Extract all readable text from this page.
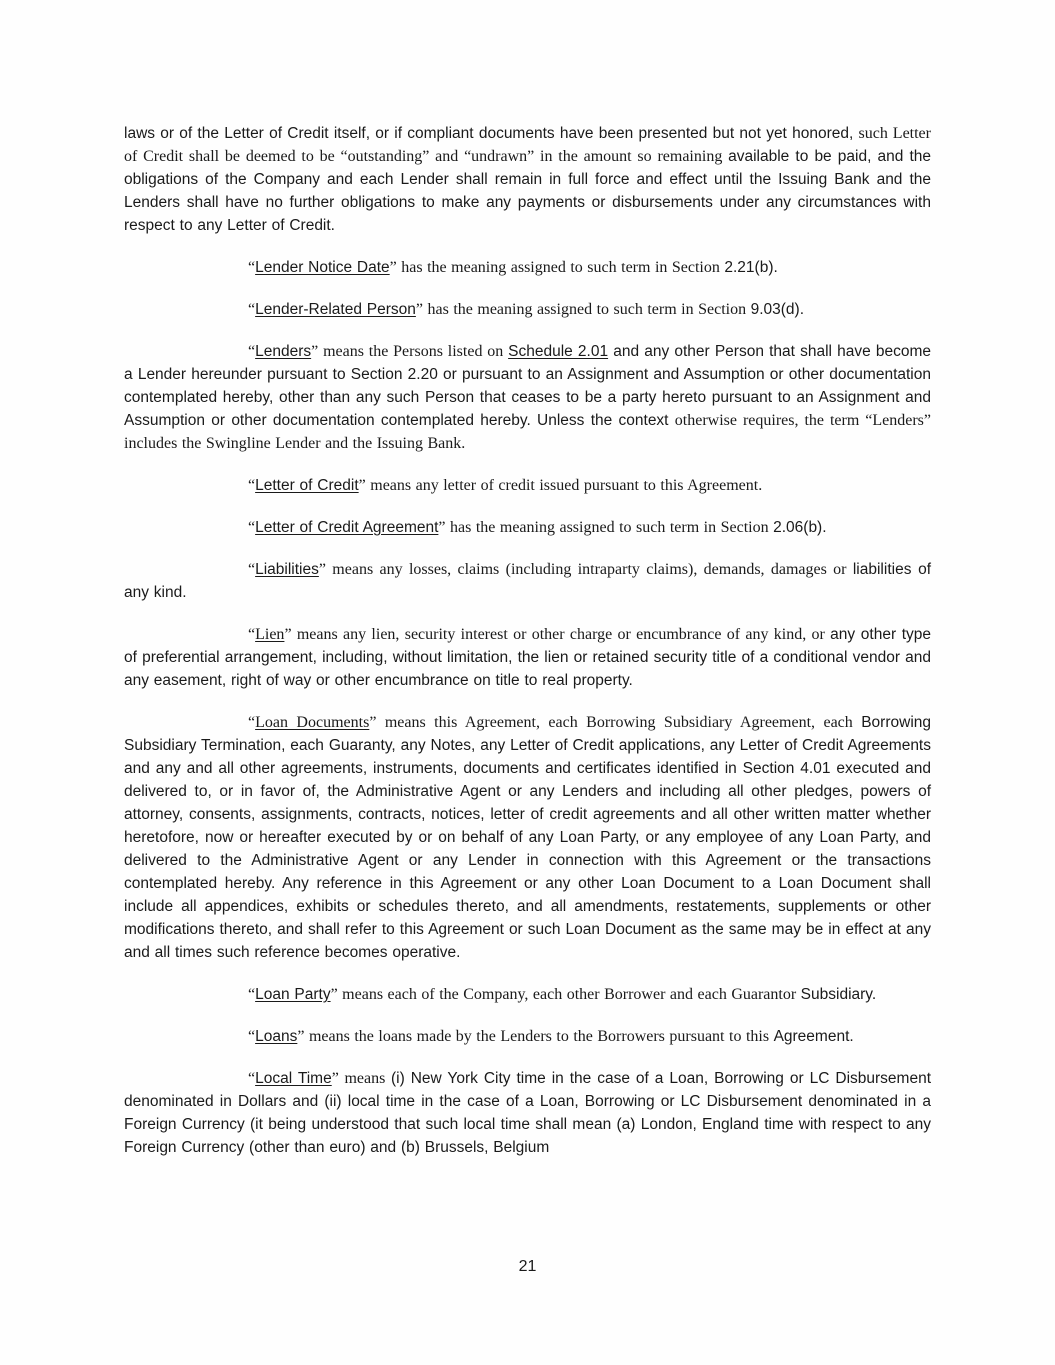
laws or of the Letter of Credit itself, or if compliant documents have been presented but not yet honored, such Letter of Credit shall be deemed to be “outstanding” and “undrawn” in the amount so remaining available to be paid, and the obligations of the Company and each Lender shall remain in full force and effect until the Issuing Bank and the Lenders shall have no further obligations to make any payments or disbursements under any circumstances with respect to any Letter of Credit.

“Lender Notice Date” has the meaning assigned to such term in Section 2.21(b).

“Lender-Related Person” has the meaning assigned to such term in Section 9.03(d).

“Lenders” means the Persons listed on Schedule 2.01 and any other Person that shall have become a Lender hereunder pursuant to Section 2.20 or pursuant to an Assignment and Assumption or other documentation contemplated hereby, other than any such Person that ceases to be a party hereto pursuant to an Assignment and Assumption or other documentation contemplated hereby. Unless the context otherwise requires, the term “Lenders” includes the Swingline Lender and the Issuing Bank.

“Letter of Credit” means any letter of credit issued pursuant to this Agreement.

“Letter of Credit Agreement” has the meaning assigned to such term in Section 2.06(b).

“Liabilities” means any losses, claims (including intraparty claims), demands, damages or liabilities of any kind.

“Lien” means any lien, security interest or other charge or encumbrance of any kind, or any other type of preferential arrangement, including, without limitation, the lien or retained security title of a conditional vendor and any easement, right of way or other encumbrance on title to real property.

“Loan Documents” means this Agreement, each Borrowing Subsidiary Agreement, each Borrowing Subsidiary Termination, each Guaranty, any Notes, any Letter of Credit applications, any Letter of Credit Agreements and any and all other agreements, instruments, documents and certificates identified in Section 4.01 executed and delivered to, or in favor of, the Administrative Agent or any Lenders and including all other pledges, powers of attorney, consents, assignments, contracts, notices, letter of credit agreements and all other written matter whether heretofore, now or hereafter executed by or on behalf of any Loan Party, or any employee of any Loan Party, and delivered to the Administrative Agent or any Lender in connection with this Agreement or the transactions contemplated hereby. Any reference in this Agreement or any other Loan Document to a Loan Document shall include all appendices, exhibits or schedules thereto, and all amendments, restatements, supplements or other modifications thereto, and shall refer to this Agreement or such Loan Document as the same may be in effect at any and all times such reference becomes operative.

“Loan Party” means each of the Company, each other Borrower and each Guarantor Subsidiary.

“Loans” means the loans made by the Lenders to the Borrowers pursuant to this Agreement.

“Local Time” means (i) New York City time in the case of a Loan, Borrowing or LC Disbursement denominated in Dollars and (ii) local time in the case of a Loan, Borrowing or LC Disbursement denominated in a Foreign Currency (it being understood that such local time shall mean (a) London, England time with respect to any Foreign Currency (other than euro) and (b) Brussels, Belgium

21
